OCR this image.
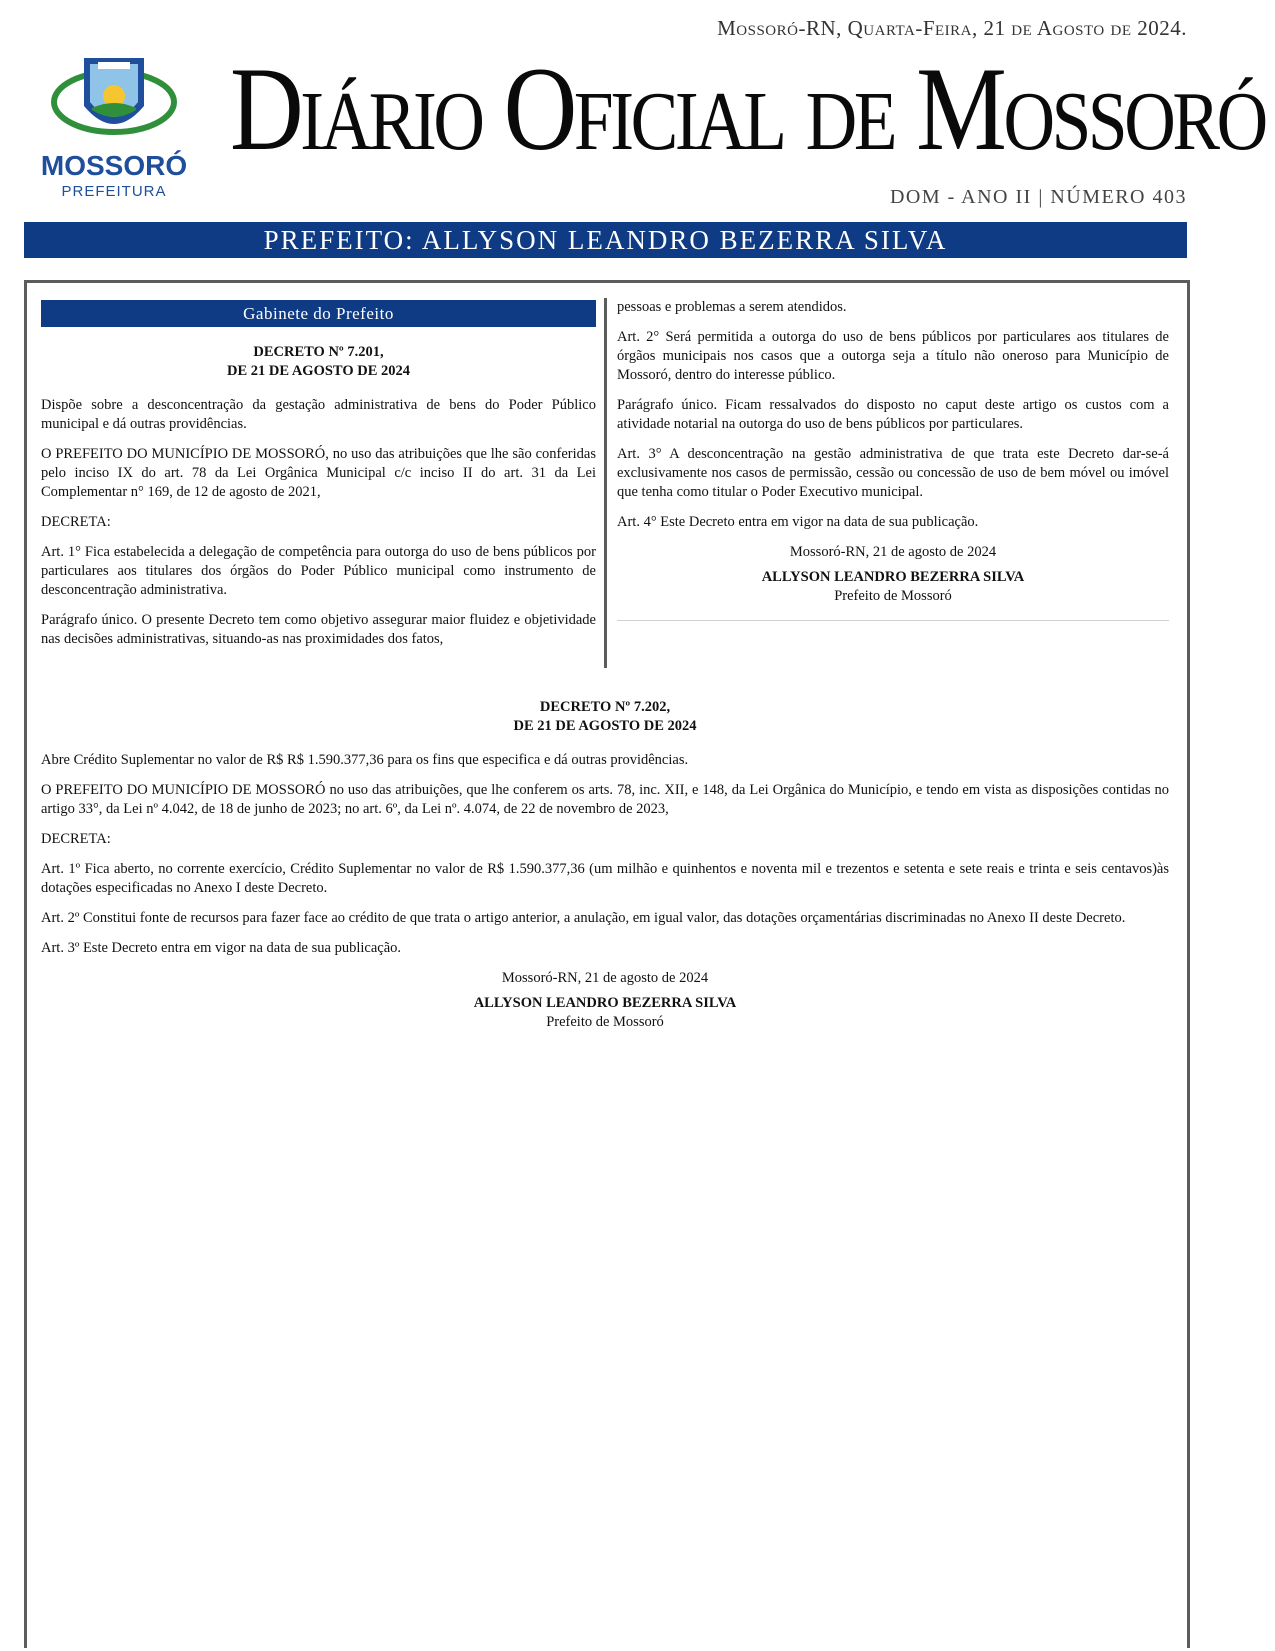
MOSSORÓ
PREFEITURA
Mossoró-RN, Quarta-Feira, 21 de Agosto de 2024.
Diário Oficial de Mossoró
DOM - ANO II | NÚMERO 403
PREFEITO: ALLYSON LEANDRO BEZERRA SILVA
Gabinete do Prefeito
DECRETO Nº 7.201,
DE 21 DE AGOSTO DE 2024

Dispõe sobre a desconcentração da gestação administrativa de bens do Poder Público municipal e dá outras providências.

O PREFEITO DO MUNICÍPIO DE MOSSORÓ, no uso das atribuições que lhe são conferidas pelo inciso IX do art. 78 da Lei Orgânica Municipal c/c inciso II do art. 31 da Lei Complementar n° 169, de 12 de agosto de 2021,

DECRETA:

Art. 1° Fica estabelecida a delegação de competência para outorga do uso de bens públicos por particulares aos titulares dos órgãos do Poder Público municipal como instrumento de desconcentração administrativa.

Parágrafo único. O presente Decreto tem como objetivo assegurar maior fluidez e objetividade nas decisões administrativas, situando-as nas proximidades dos fatos,

pessoas e problemas a serem atendidos.

Art. 2° Será permitida a outorga do uso de bens públicos por particulares aos titulares de órgãos municipais nos casos que a outorga seja a título não oneroso para Município de Mossoró, dentro do interesse público.

Parágrafo único. Ficam ressalvados do disposto no caput deste artigo os custos com a atividade notarial na outorga do uso de bens públicos por particulares.

Art. 3° A desconcentração na gestão administrativa de que trata este Decreto dar-se-á exclusivamente nos casos de permissão, cessão ou concessão de uso de bem móvel ou imóvel que tenha como titular o Poder Executivo municipal.

Art. 4° Este Decreto entra em vigor na data de sua publicação.

Mossoró-RN, 21 de agosto de 2024
ALLYSON LEANDRO BEZERRA SILVA
Prefeito de Mossoró
DECRETO Nº 7.202,
DE 21 DE AGOSTO DE 2024

Abre Crédito Suplementar no valor de R$ R$ 1.590.377,36 para os fins que especifica e dá outras providências.

O PREFEITO DO MUNICÍPIO DE MOSSORÓ no uso das atribuições, que lhe conferem os arts. 78, inc. XII, e 148, da Lei Orgânica do Município, e tendo em vista as disposições contidas no artigo 33°, da Lei nº 4.042, de 18 de junho de 2023; no art. 6º, da Lei nº. 4.074, de 22 de novembro de 2023,

DECRETA:

Art. 1º Fica aberto, no corrente exercício, Crédito Suplementar no valor de R$ 1.590.377,36 (um milhão e quinhentos e noventa mil e trezentos e setenta e sete reais e trinta e seis centavos)às dotações especificadas no Anexo I deste Decreto.

Art. 2º Constitui fonte de recursos para fazer face ao crédito de que trata o artigo anterior, a anulação, em igual valor, das dotações orçamentárias discriminadas no Anexo II deste Decreto.

Art. 3º Este Decreto entra em vigor na data de sua publicação.

Mossoró-RN, 21 de agosto de 2024
ALLYSON LEANDRO BEZERRA SILVA
Prefeito de Mossoró
